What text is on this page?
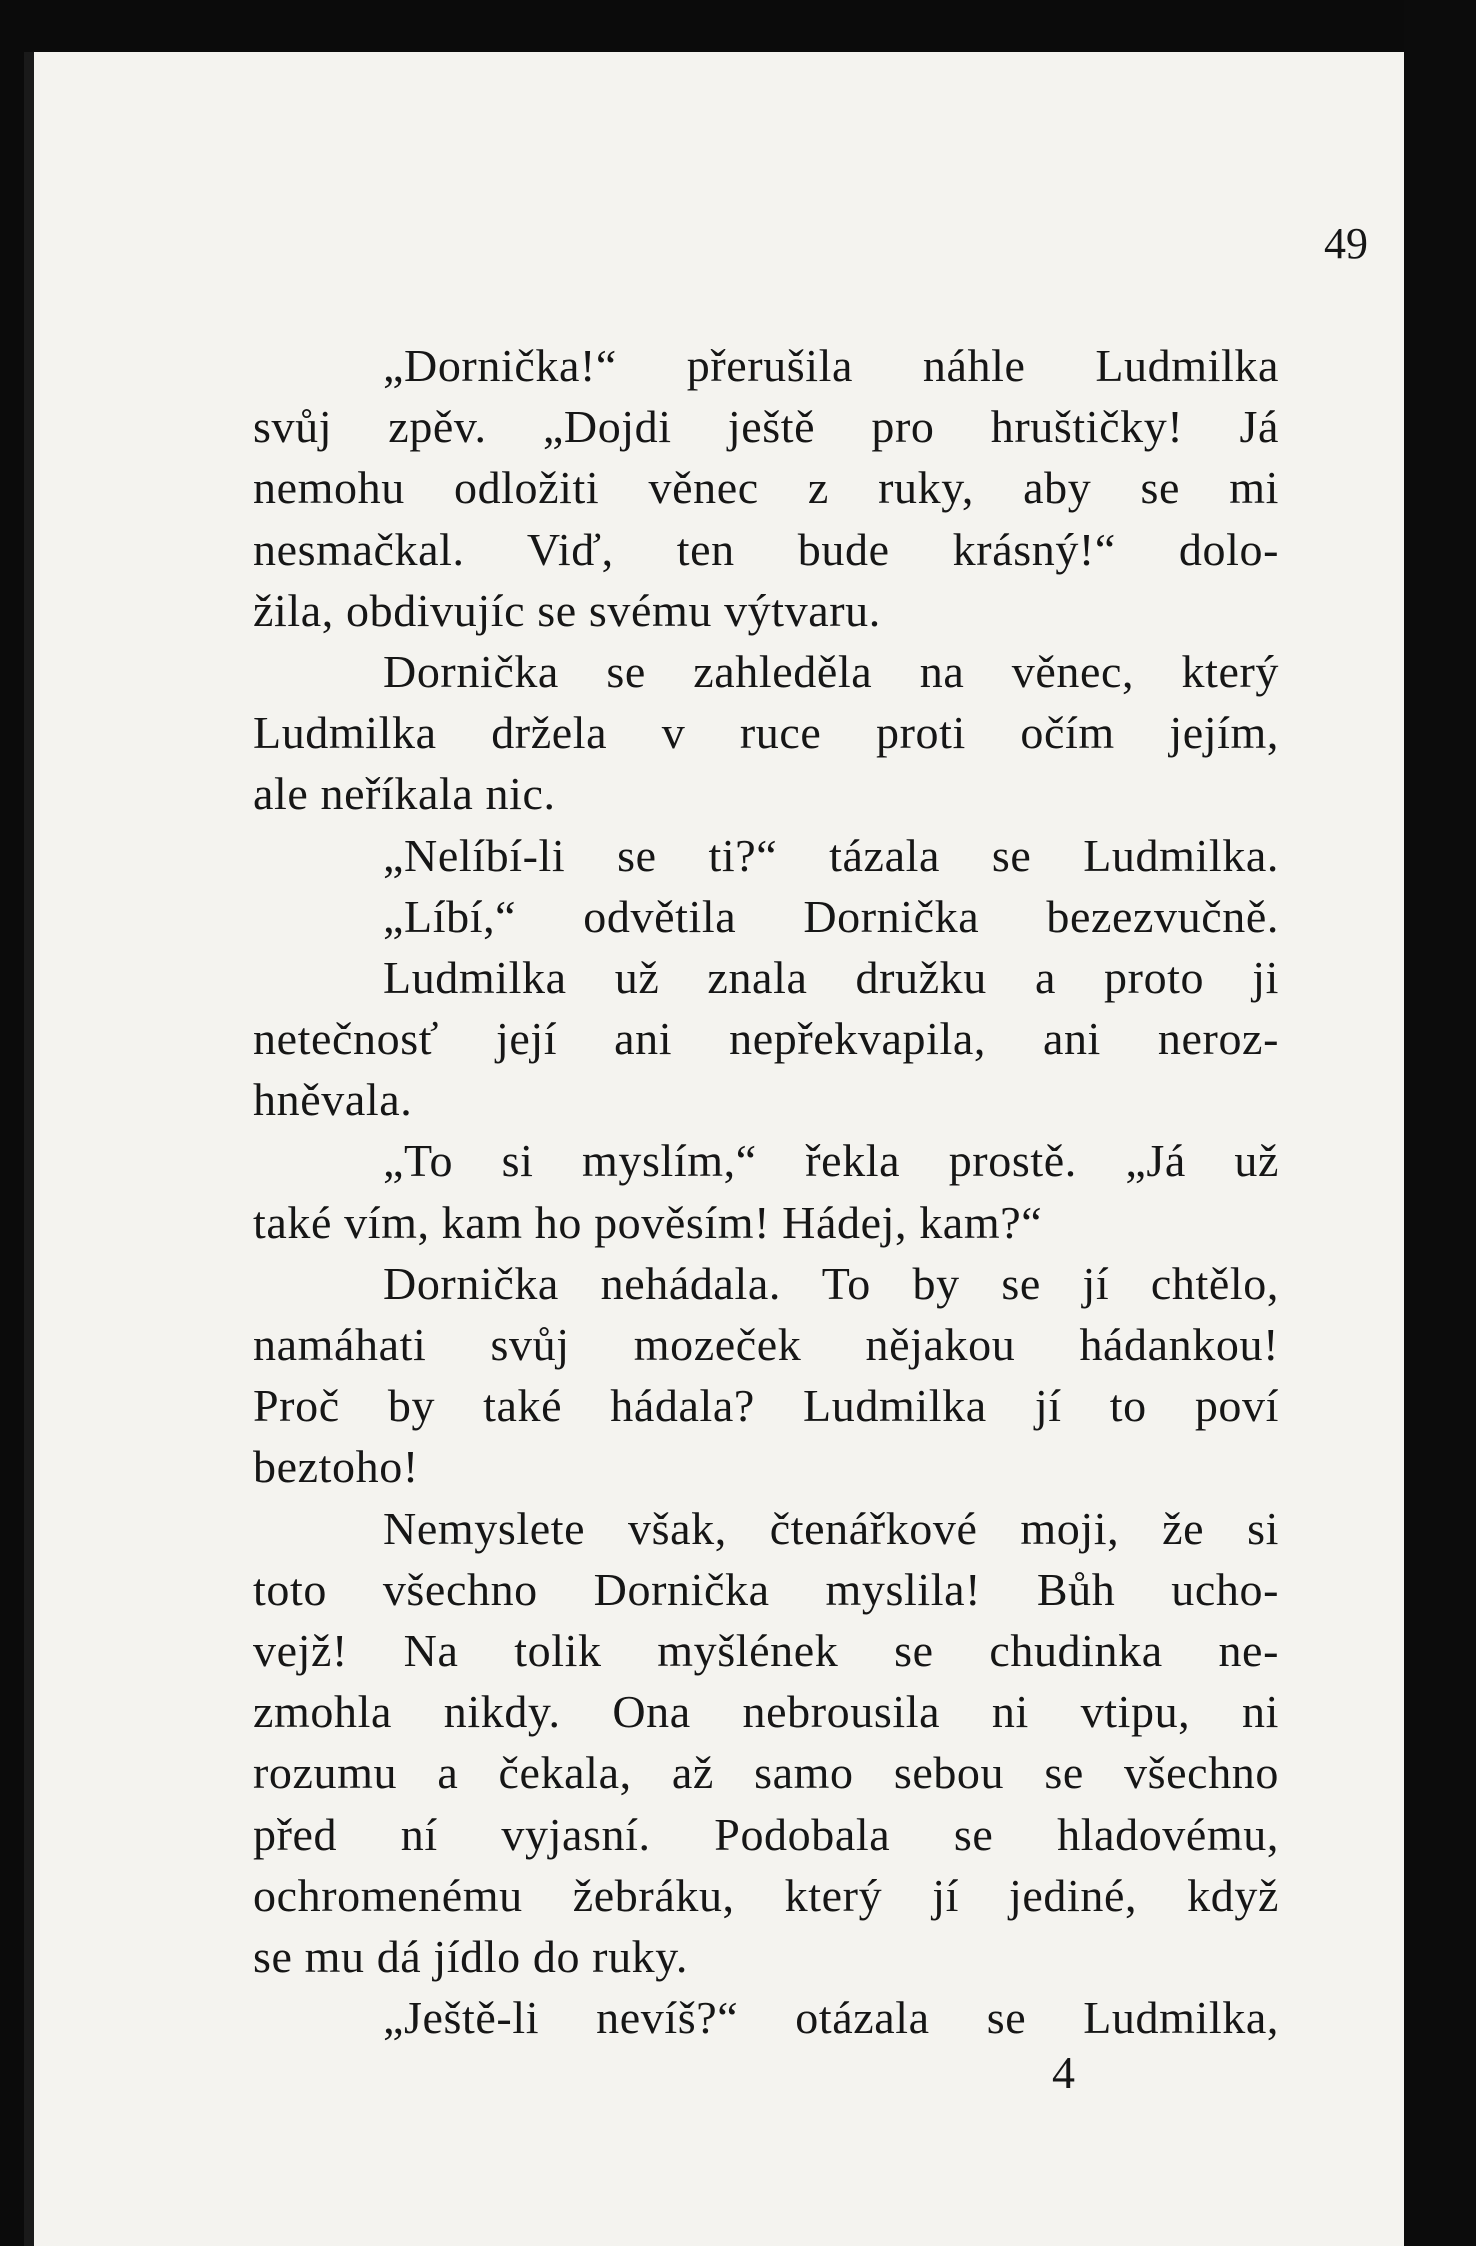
49
„Dornička!“ přerušila náhle Ludmilka
svůj zpěv. „Dojdi ještě pro hruštičky! Já
nemohu odložiti věnec z ruky, aby se mi
nesmačkal. Viď, ten bude krásný!“ dolo-
žila, obdivujíc se svému výtvaru.
Dornička se zahleděla na věnec, který
Ludmilka držela v ruce proti očím jejím,
ale neříkala nic.
„Nelíbí-li se ti?“ tázala se Ludmilka.
„Líbí,“ odvětila Dornička bezezvučně.
Ludmilka už znala družku a proto ji
netečnosť její ani nepřekvapila, ani neroz-
hněvala.
„To si myslím,“ řekla prostě. „Já už
také vím, kam ho pověsím! Hádej, kam?“
Dornička nehádala. To by se jí chtělo,
namáhati svůj mozeček nějakou hádankou!
Proč by také hádala? Ludmilka jí to poví
beztoho!
Nemyslete však, čtenářkové moji, že si
toto všechno Dornička myslila! Bůh ucho-
vejž! Na tolik myšlének se chudinka ne-
zmohla nikdy. Ona nebrousila ni vtipu, ni
rozumu a čekala, až samo sebou se všechno
před ní vyjasní. Podobala se hladovému,
ochromenému žebráku, který jí jediné, když
se mu dá jídlo do ruky.
„Ještě-li nevíš?“ otázala se Ludmilka,
4
